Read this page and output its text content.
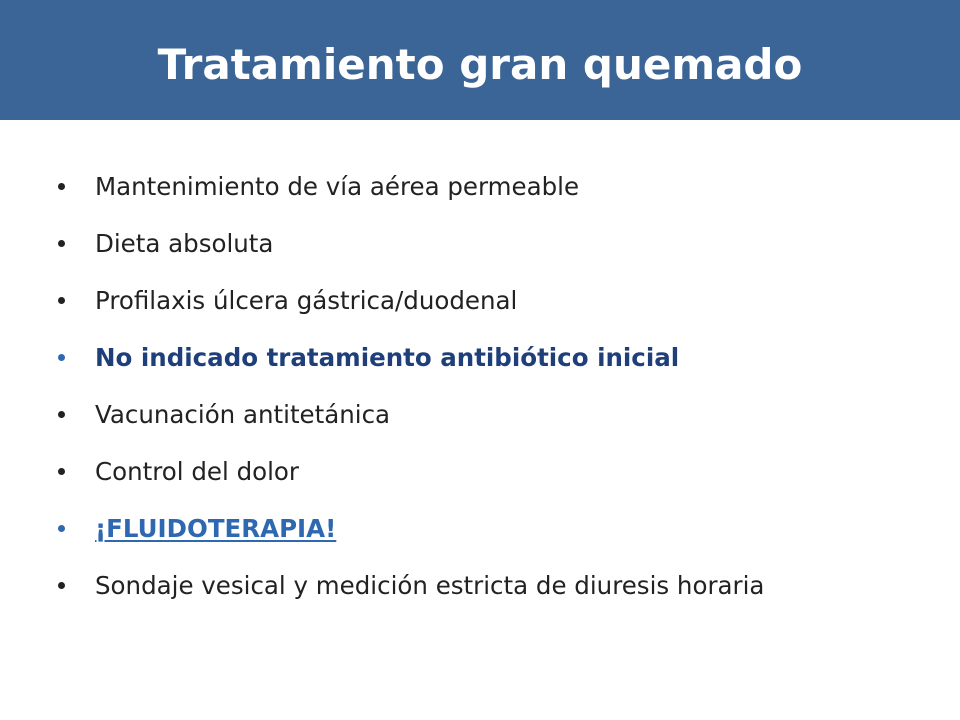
Tratamiento gran quemado
Mantenimiento de vía aérea permeable
Dieta absoluta
Profilaxis úlcera gástrica/duodenal
No indicado tratamiento antibiótico inicial
Vacunación antitetánica
Control del dolor
¡FLUIDOTERAPIA!
Sondaje vesical y medición estricta de diuresis horaria
